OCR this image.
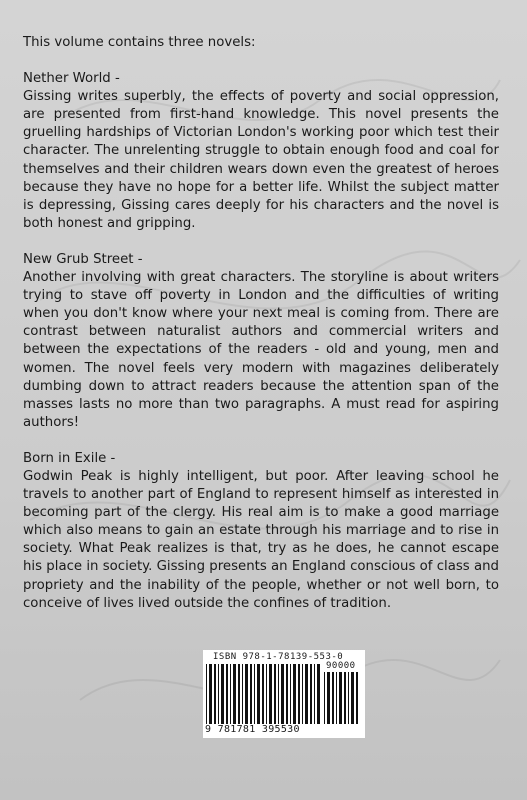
This volume contains three novels:

Nether World -

Gissing writes superbly, the effects of poverty and social oppression, are presented from first-hand knowledge. This novel presents the gruelling hardships of Victorian London's working poor which test their character. The unrelenting struggle to obtain enough food and coal for themselves and their children wears down even the greatest of heroes because they have no hope for a better life. Whilst the subject matter is depressing, Gissing cares deeply for his characters and the novel is both honest and gripping.

New Grub Street -

Another involving with great characters. The storyline is about writers trying to stave off poverty in London and the difficulties of writing when you don't know where your next meal is coming from. There are contrast between naturalist authors and commercial writers and between the expectations of the readers - old and young, men and women. The novel feels very modern with magazines deliberately dumbing down to attract readers because the attention span of the masses lasts no more than two paragraphs. A must read for aspiring authors!

Born in Exile -

Godwin Peak is highly intelligent, but poor. After leaving school he travels to another part of England to represent himself as interested in becoming part of the clergy. His real aim is to make a good marriage which also means to gain an estate through his marriage and to rise in society. What Peak realizes is that, try as he does, he cannot escape his place in society. Gissing presents an England conscious of class and propriety and the inability of the people, whether or not well born, to conceive of lives lived outside the confines of tradition.

ISBN 978-1-78139-553-0
90000
9 781781 395530
